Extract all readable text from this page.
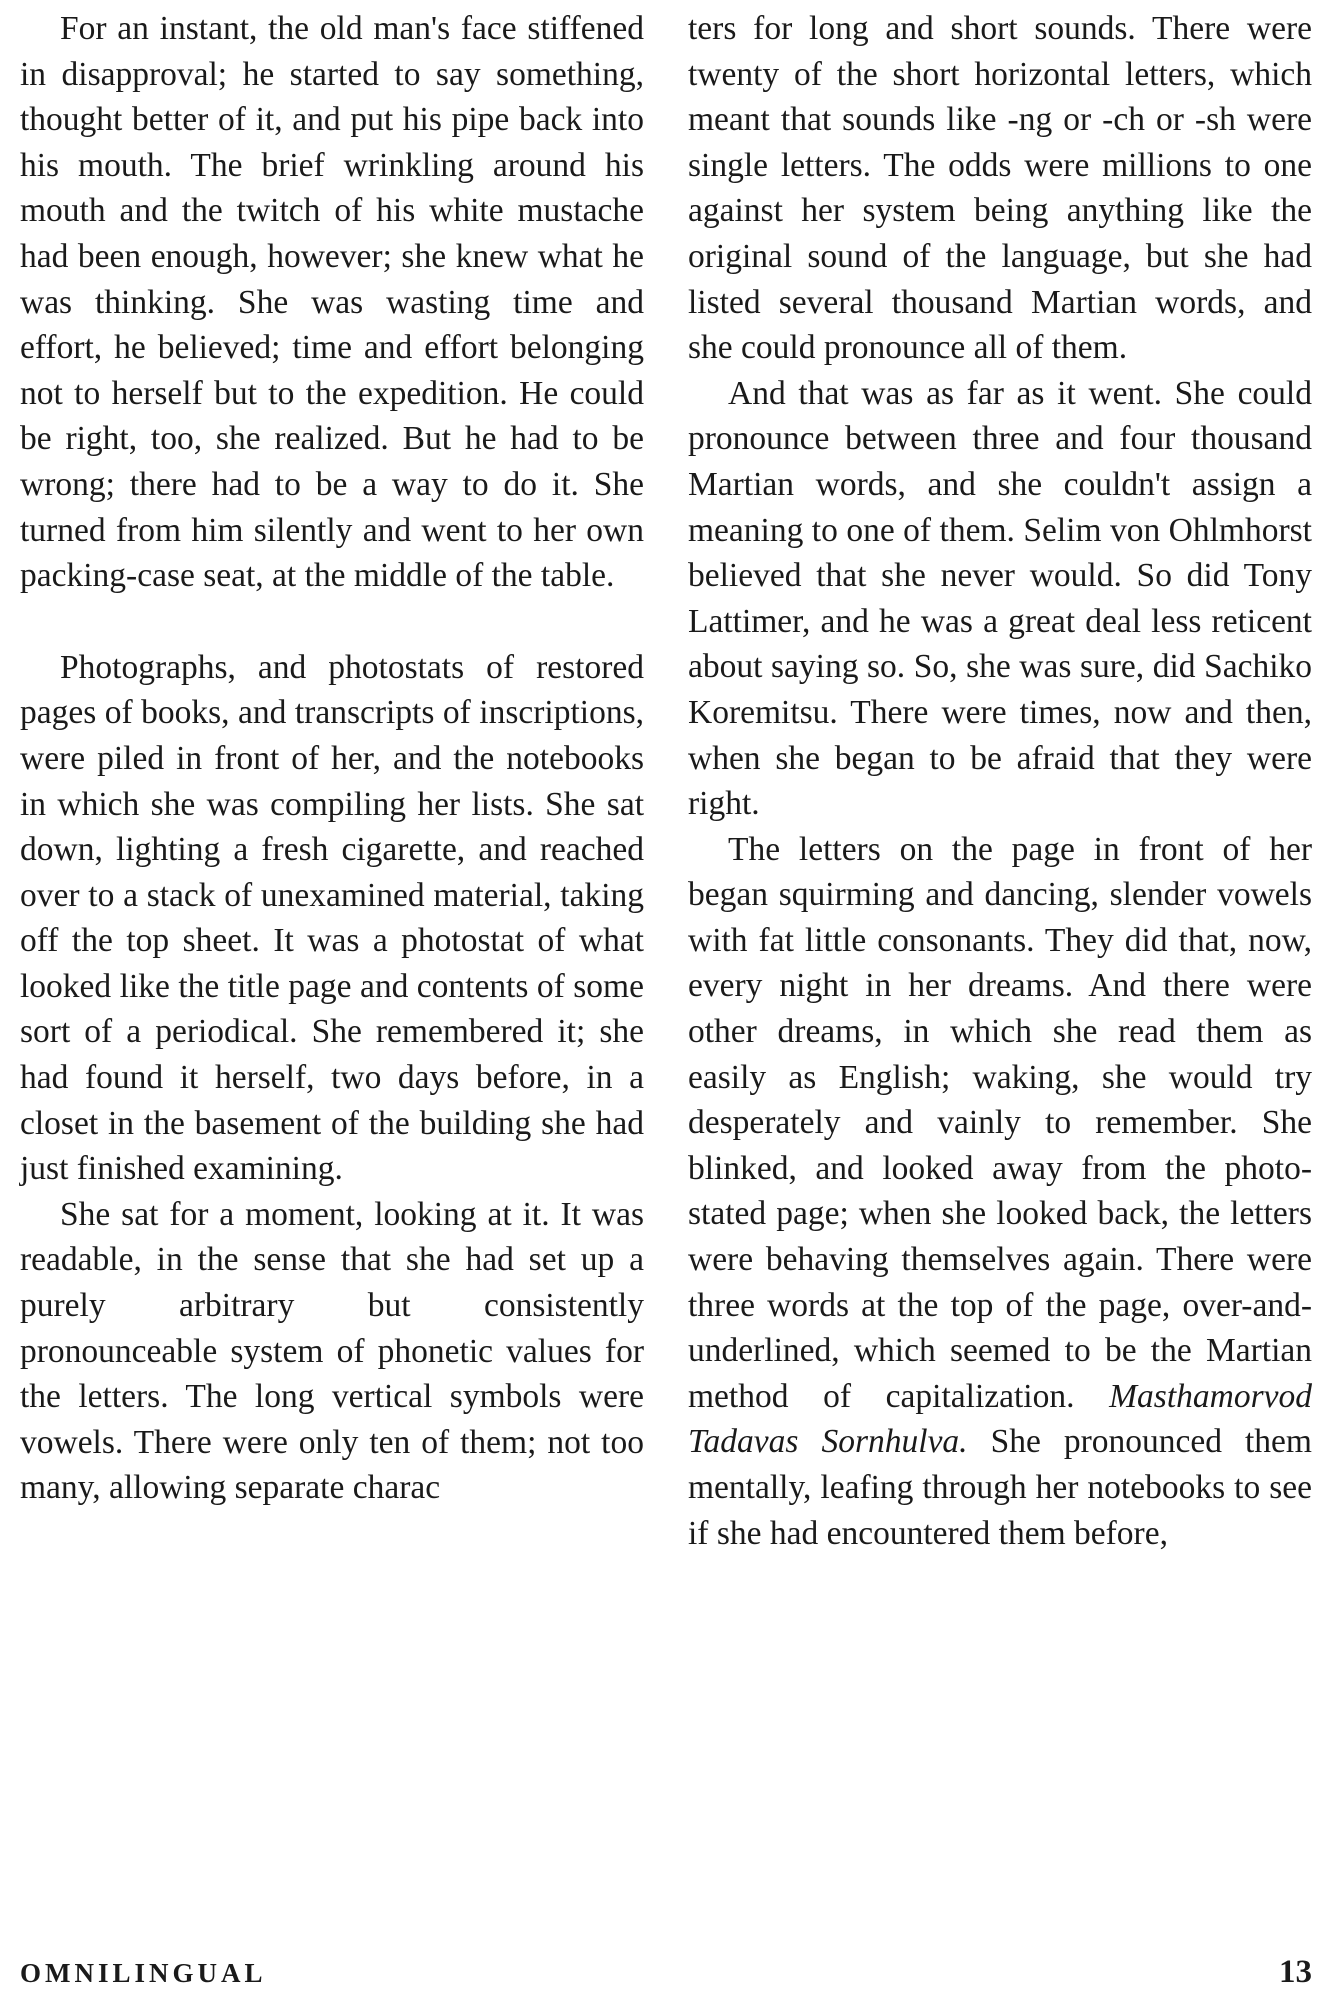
For an instant, the old man's face stiffened in disapproval; he started to say something, thought better of it, and put his pipe back into his mouth. The brief wrinkling around his mouth and the twitch of his white mustache had been enough, however; she knew what he was thinking. She was wasting time and effort, he believed; time and effort belonging not to herself but to the expedition. He could be right, too, she realized. But he had to be wrong; there had to be a way to do it. She turned from him silently and went to her own packing-case seat, at the middle of the table.

Photographs, and photostats of restored pages of books, and transcripts of inscriptions, were piled in front of her, and the notebooks in which she was compiling her lists. She sat down, lighting a fresh cigarette, and reached over to a stack of unexamined material, taking off the top sheet. It was a photostat of what looked like the title page and contents of some sort of a periodical. She remembered it; she had found it herself, two days before, in a closet in the basement of the building she had just finished examining.

She sat for a moment, looking at it. It was readable, in the sense that she had set up a purely arbitrary but consistently pronounceable system of phonetic values for the letters. The long vertical symbols were vowels. There were only ten of them; not too many, allowing separate charac

ters for long and short sounds. There were twenty of the short horizontal letters, which meant that sounds like -ng or -ch or -sh were single letters. The odds were millions to one against her system being anything like the original sound of the language, but she had listed several thousand Martian words, and she could pronounce all of them.

And that was as far as it went. She could pronounce between three and four thousand Martian words, and she couldn't assign a meaning to one of them. Selim von Ohlmhorst believed that she never would. So did Tony Lattimer, and he was a great deal less reticent about saying so. So, she was sure, did Sachiko Koremitsu. There were times, now and then, when she began to be afraid that they were right.

The letters on the page in front of her began squirming and dancing, slender vowels with fat little consonants. They did that, now, every night in her dreams. And there were other dreams, in which she read them as easily as English; waking, she would try desperately and vainly to remember. She blinked, and looked away from the photostated page; when she looked back, the letters were behaving themselves again. There were three words at the top of the page, over-and-underlined, which seemed to be the Martian method of capitalization. Masthamorvod Tadavas Sornhulva. She pronounced them mentally, leafing through her notebooks to see if she had encountered them before,

OMNILINGUAL	13
